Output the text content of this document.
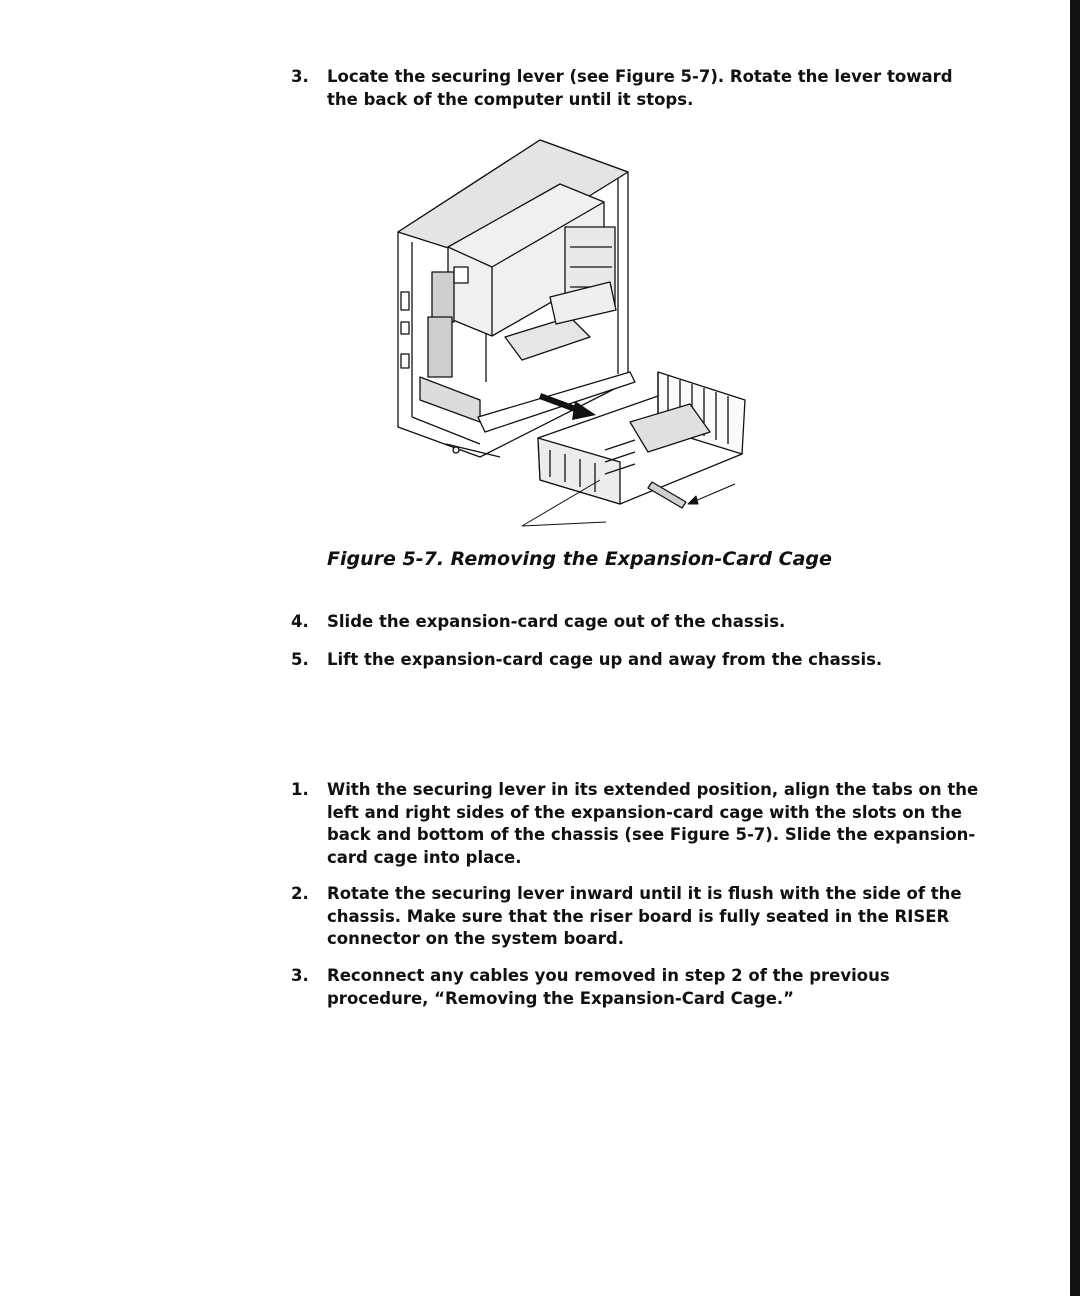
3. Locate the securing lever (see Figure 5-7). Rotate the lever toward the back of the computer until it stops.
Figure 5-7. Removing the Expansion-Card Cage
4. Slide the expansion-card cage out of the chassis.
5. Lift the expansion-card cage up and away from the chassis.
1. With the securing lever in its extended position, align the tabs on the left and right sides of the expansion-card cage with the slots on the back and bottom of the chassis (see Figure 5-7). Slide the expansion-card cage into place.
2. Rotate the securing lever inward until it is flush with the side of the chassis. Make sure that the riser board is fully seated in the RISER connector on the system board.
3. Reconnect any cables you removed in step 2 of the previous procedure, “Removing the Expansion-Card Cage.”
